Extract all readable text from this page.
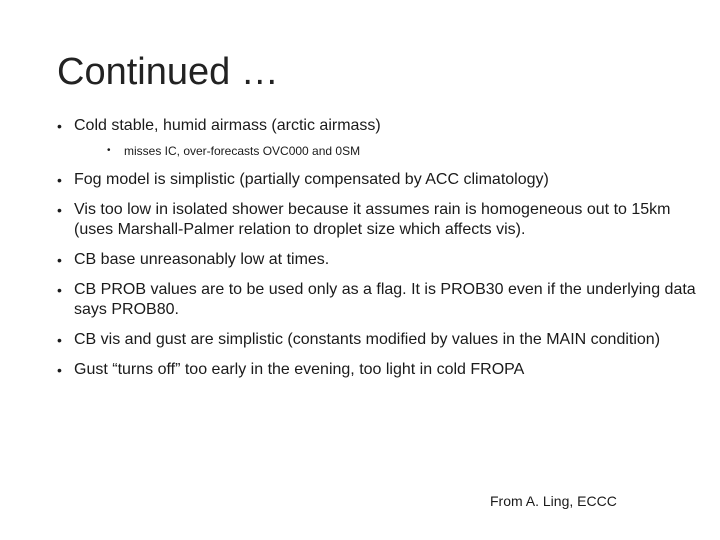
Continued …
• Cold stable, humid airmass (arctic airmass)
• misses IC, over-forecasts OVC000 and 0SM
• Fog model is simplistic (partially compensated by ACC climatology)
• Vis too low in isolated shower because it assumes rain is homogeneous out to 15km (uses Marshall-Palmer relation to droplet size which affects vis).
• CB base unreasonably low at times.
• CB PROB values are to be used only as a flag. It is PROB30 even if the underlying data says PROB80.
• CB vis and gust are simplistic (constants modified by values in the MAIN condition)
• Gust “turns off” too early in the evening, too light in cold FROPA
From A. Ling, ECCC
